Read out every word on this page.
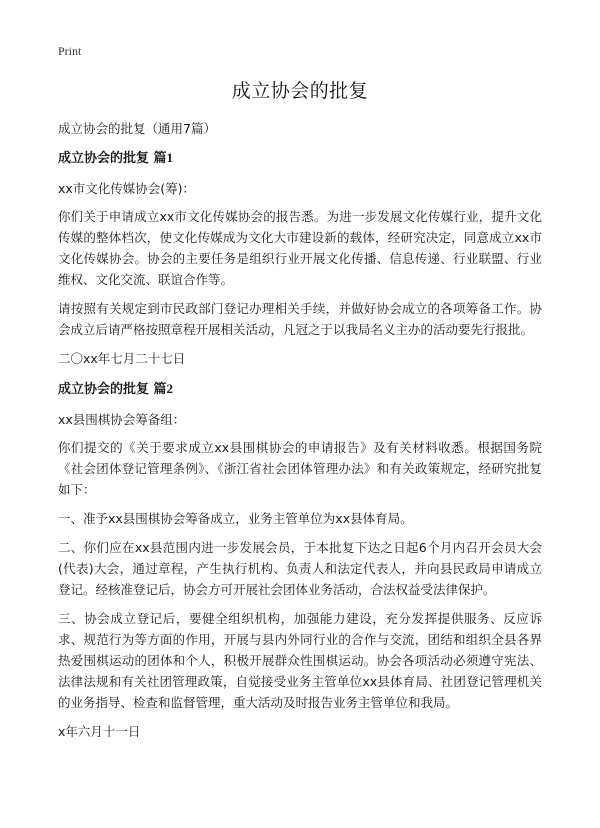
Print
成立协会的批复

成立协会的批复（通用7篇）

成立协会的批复 篇1

xx市文化传媒协会(筹)：

你们关于申请成立xx市文化传媒协会的报告悉。为进一步发展文化传媒行业，提升文化传媒的整体档次，使文化传媒成为文化大市建设新的载体，经研究决定，同意成立xx市文化传媒协会。协会的主要任务是组织行业开展文化传播、信息传递、行业联盟、行业维权、文化交流、联谊合作等。

请按照有关规定到市民政部门登记办理相关手续，并做好协会成立的各项筹备工作。协会成立后请严格按照章程开展相关活动，凡冠之于以我局名义主办的活动要先行报批。

二〇xx年七月二十七日

成立协会的批复 篇2

xx县围棋协会筹备组：

你们提交的《关于要求成立xx县围棋协会的申请报告》及有关材料收悉。根据国务院《社会团体登记管理条例》、《浙江省社会团体管理办法》和有关政策规定，经研究批复如下：

一、准予xx县围棋协会筹备成立，业务主管单位为xx县体育局。

二、你们应在xx县范围内进一步发展会员，于本批复下达之日起6个月内召开会员大会(代表)大会，通过章程，产生执行机构、负责人和法定代表人，并向县民政局申请成立登记。经核准登记后，协会方可开展社会团体业务活动，合法权益受法律保护。

三、协会成立登记后，要健全组织机构，加强能力建设，充分发挥提供服务、反应诉求、规范行为等方面的作用，开展与县内外同行业的合作与交流，团结和组织全县各界热爱围棋运动的团体和个人，积极开展群众性围棋运动。协会各项活动必须遵守宪法、法律法规和有关社团管理政策，自觉接受业务主管单位xx县体育局、社团登记管理机关的业务指导、检查和监督管理，重大活动及时报告业务主管单位和我局。

x年六月十一日
